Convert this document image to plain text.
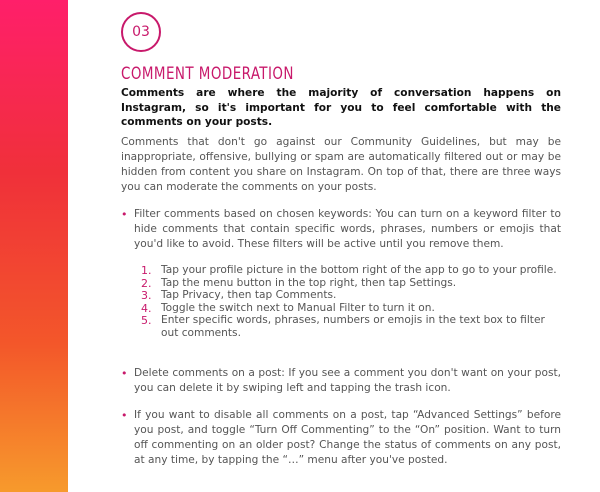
03
COMMENT MODERATION

Comments are where the majority of conversation happens on Instagram, so it's important for you to feel comfortable with the comments on your posts.

Comments that don't go against our Community Guidelines, but may be inappropriate, offensive, bullying or spam are automatically filtered out or may be hidden from content you share on Instagram. On top of that, there are three ways you can moderate the comments on your posts.

• Filter comments based on chosen keywords: You can turn on a keyword filter to hide comments that contain specific words, phrases, numbers or emojis that you'd like to avoid. These filters will be active until you remove them.
1. Tap your profile picture in the bottom right of the app to go to your profile.
2. Tap the menu button in the top right, then tap Settings.
3. Tap Privacy, then tap Comments.
4. Toggle the switch next to Manual Filter to turn it on.
5. Enter specific words, phrases, numbers or emojis in the text box to filter out comments.
• Delete comments on a post: If you see a comment you don't want on your post, you can delete it by swiping left and tapping the trash icon.
• If you want to disable all comments on a post, tap “Advanced Settings” before you post, and toggle “Turn Off Commenting” to the “On” position. Want to turn off commenting on an older post? Change the status of comments on any post, at any time, by tapping the “…” menu after you've posted.
